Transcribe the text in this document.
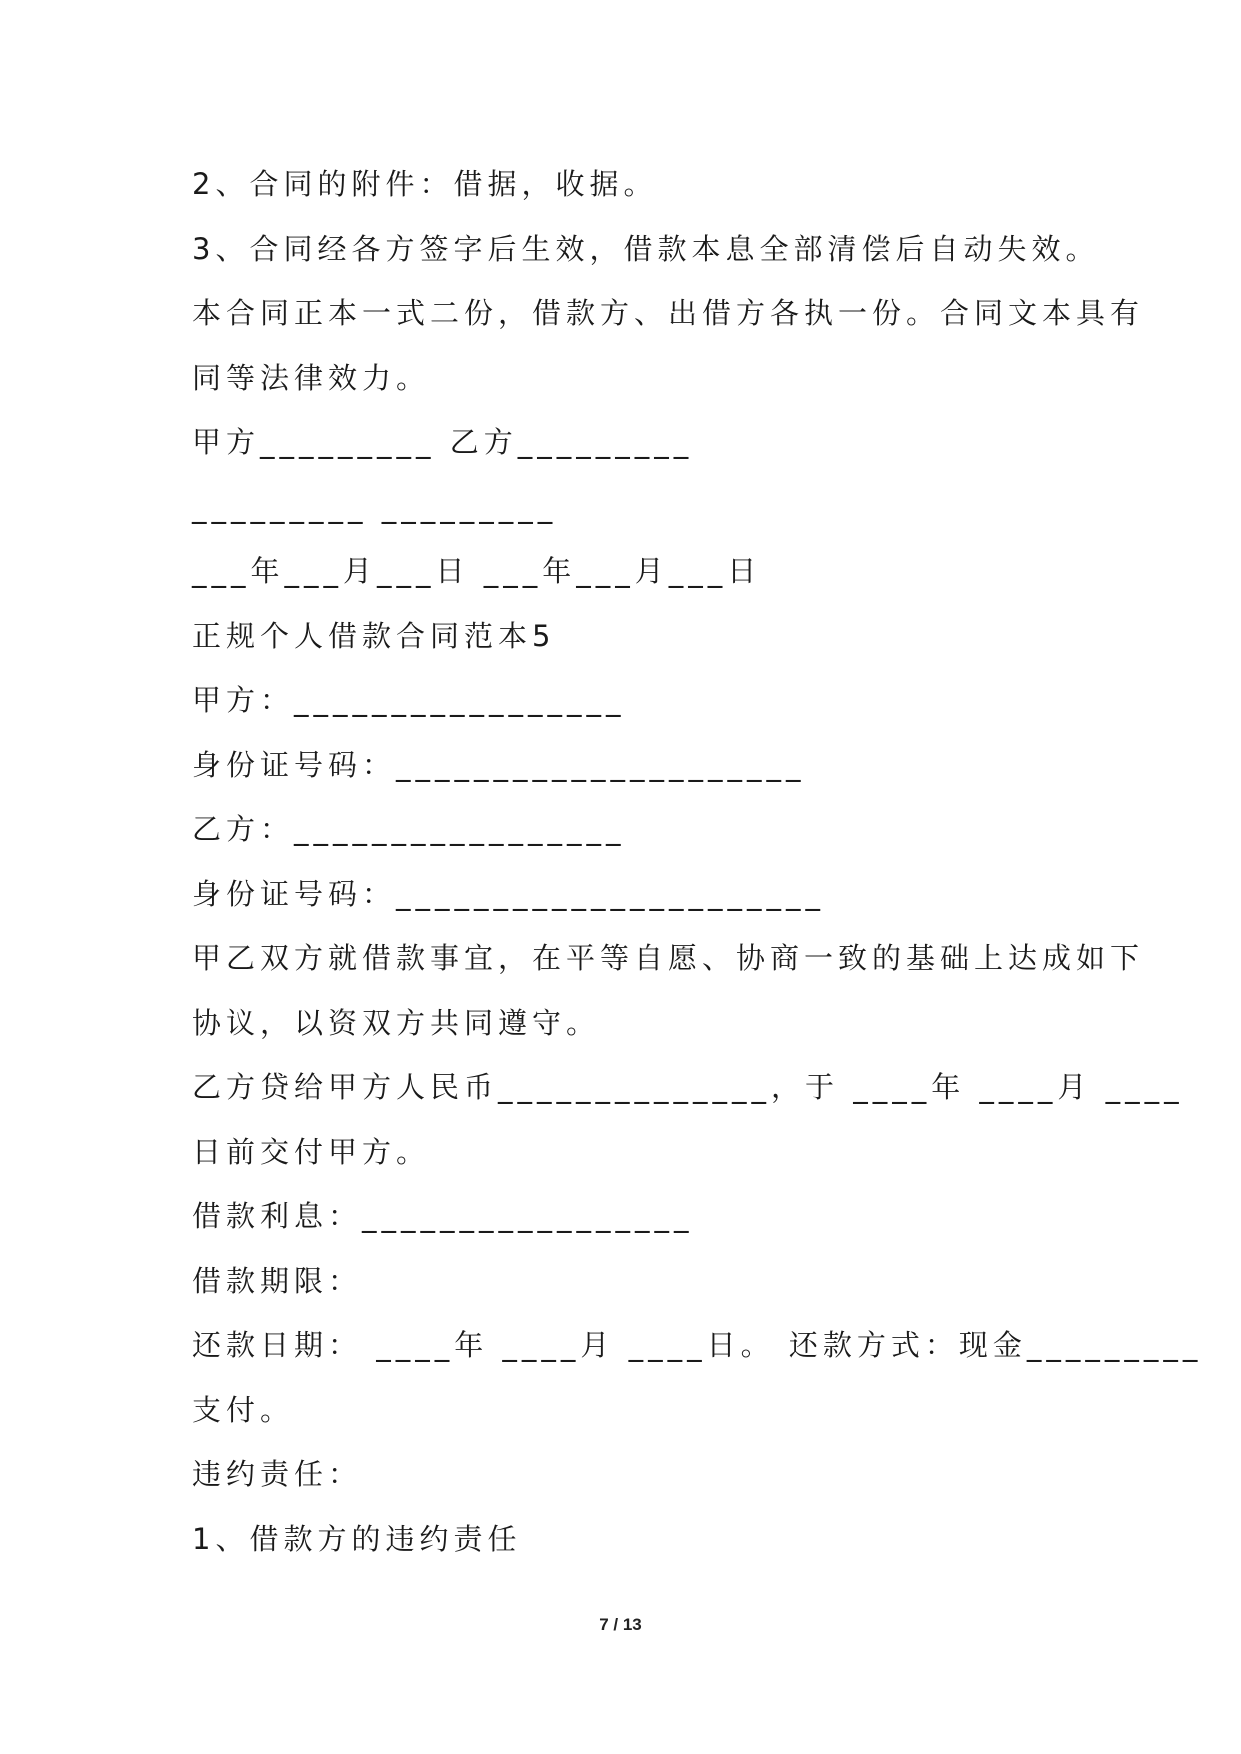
2、合同的附件：借据，收据。
3、合同经各方签字后生效，借款本息全部清偿后自动失效。
本合同正本一式二份，借款方、出借方各执一份。合同文本具有
同等法律效力。
甲方_________ 乙方_________
_________ _________
___年___月___日 ___年___月___日
正规个人借款合同范本5
甲方：_________________
身份证号码：_____________________
乙方：_________________
身份证号码：______________________
甲乙双方就借款事宜，在平等自愿、协商一致的基础上达成如下
协议，以资双方共同遵守。
乙方贷给甲方人民币______________，于 ____年 ____月 ____
日前交付甲方。
借款利息：_________________
借款期限：
还款日期： ____年 ____月 ____日。 还款方式：现金_________
支付。
违约责任：
1、借款方的违约责任
7 / 13
